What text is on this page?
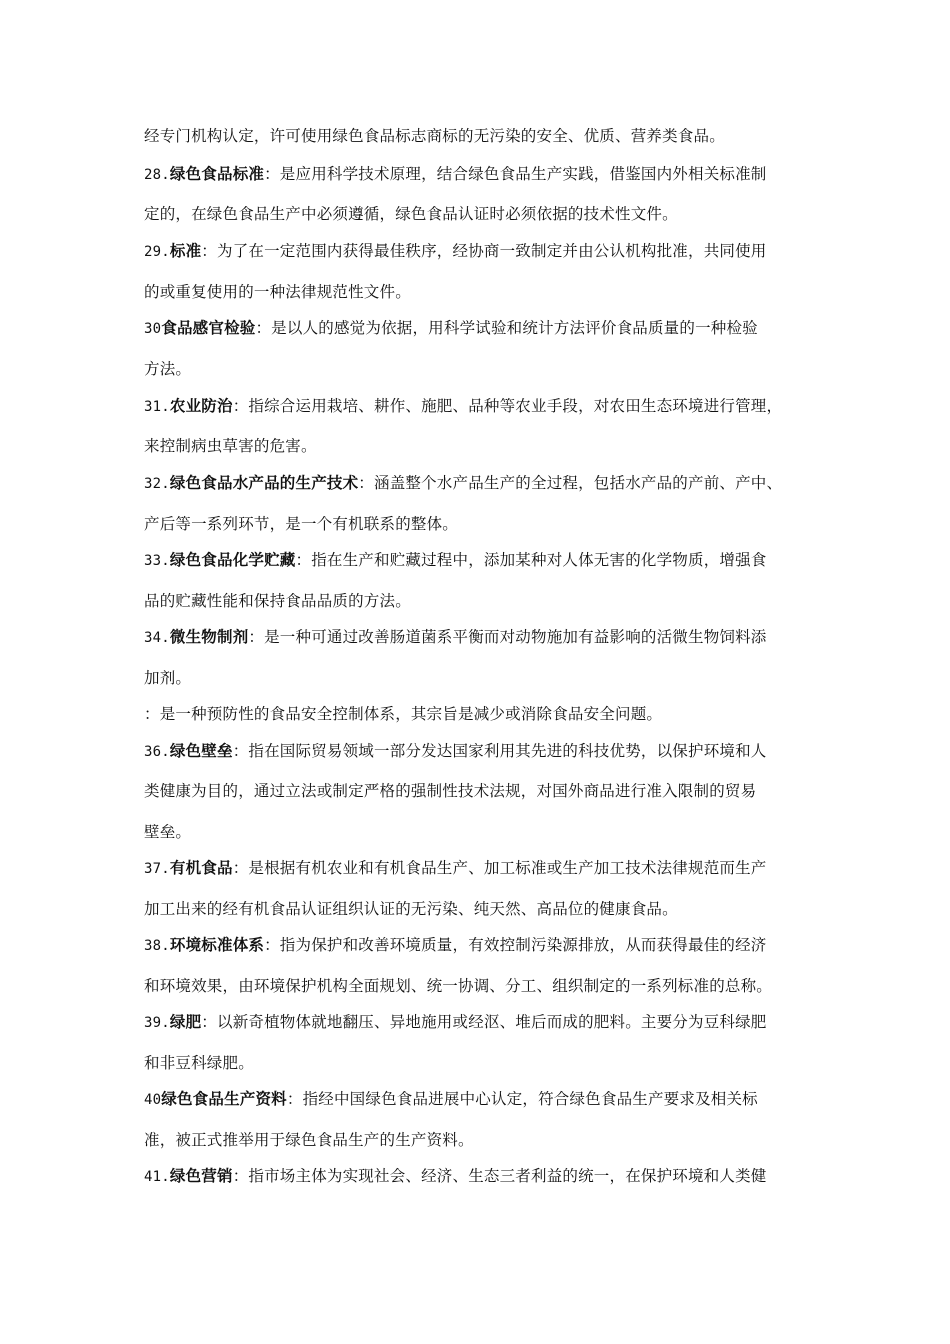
经专门机构认定，许可使用绿色食品标志商标的无污染的安全、优质、营养类食品。
28.绿色食品标准：是应用科学技术原理，结合绿色食品生产实践，借鉴国内外相关标准制
定的，在绿色食品生产中必须遵循，绿色食品认证时必须依据的技术性文件。
29.标准：为了在一定范围内获得最佳秩序，经协商一致制定并由公认机构批准，共同使用
的或重复使用的一种法律规范性文件。
30食品感官检验：是以人的感觉为依据，用科学试验和统计方法评价食品质量的一种检验
方法。
31.农业防治：指综合运用栽培、耕作、施肥、品种等农业手段，对农田生态环境进行管理，
来控制病虫草害的危害。
32.绿色食品水产品的生产技术：涵盖整个水产品生产的全过程，包括水产品的产前、产中、
产后等一系列环节，是一个有机联系的整体。
33.绿色食品化学贮藏：指在生产和贮藏过程中，添加某种对人体无害的化学物质，增强食
品的贮藏性能和保持食品品质的方法。
34.微生物制剂：是一种可通过改善肠道菌系平衡而对动物施加有益影响的活微生物饲料添
加剂。
：是一种预防性的食品安全控制体系，其宗旨是减少或消除食品安全问题。
36.绿色壁垒：指在国际贸易领域一部分发达国家利用其先进的科技优势，以保护环境和人
类健康为目的，通过立法或制定严格的强制性技术法规，对国外商品进行准入限制的贸易
壁垒。
37.有机食品：是根据有机农业和有机食品生产、加工标准或生产加工技术法律规范而生产
加工出来的经有机食品认证组织认证的无污染、纯天然、高品位的健康食品。
38.环境标准体系：指为保护和改善环境质量，有效控制污染源排放，从而获得最佳的经济
和环境效果，由环境保护机构全面规划、统一协调、分工、组织制定的一系列标准的总称。
39.绿肥：以新奇植物体就地翻压、异地施用或经沤、堆后而成的肥料。主要分为豆科绿肥
和非豆科绿肥。
40绿色食品生产资料：指经中国绿色食品进展中心认定，符合绿色食品生产要求及相关标
准，被正式推举用于绿色食品生产的生产资料。
41.绿色营销：指市场主体为实现社会、经济、生态三者利益的统一，在保护环境和人类健
